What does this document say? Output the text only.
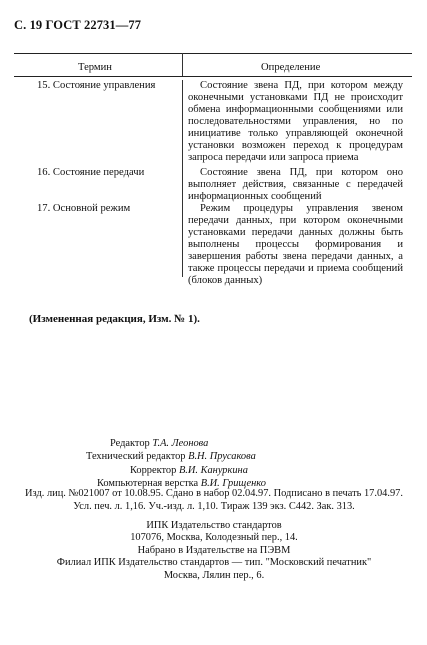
С. 19 ГОСТ 22731—77
Термин	Определение
15. Состояние управления	Состояние звена ПД, при котором между оконечными установками ПД не происходит обмена информационными сообщениями или последовательностями управления, но по инициативе только управляющей оконечной установки возможен переход к процедурам запроса передачи или запроса приема
16. Состояние передачи	Состояние звена ПД, при котором оно выполняет действия, связанные с передачей информационных сообщений
17. Основной режим	Режим процедуры управления звеном передачи данных, при котором оконечными установками передачи данных должны быть выполнены процессы формирования и завершения работы звена передачи данных, а также процессы передачи и приема сообщений (блоков данных)
(Измененная редакция, Изм. № 1).
Редактор Т.А. Леонова
Технический редактор В.Н. Прусакова
Корректор В.И. Кануркина
Компьютерная верстка В.И. Грищенко
Изд. лиц. №021007 от 10.08.95. Сдано в набор 02.04.97. Подписано в печать 17.04.97.
Усл. печ. л. 1,16. Уч.-изд. л. 1,10. Тираж 139 экз. С442. Зак. 313.
ИПК Издательство стандартов
107076, Москва, Колодезный пер., 14.
Набрано в Издательстве на ПЭВМ
Филиал ИПК Издательство стандартов — тип. "Московский печатник"
Москва, Лялин пер., 6.
